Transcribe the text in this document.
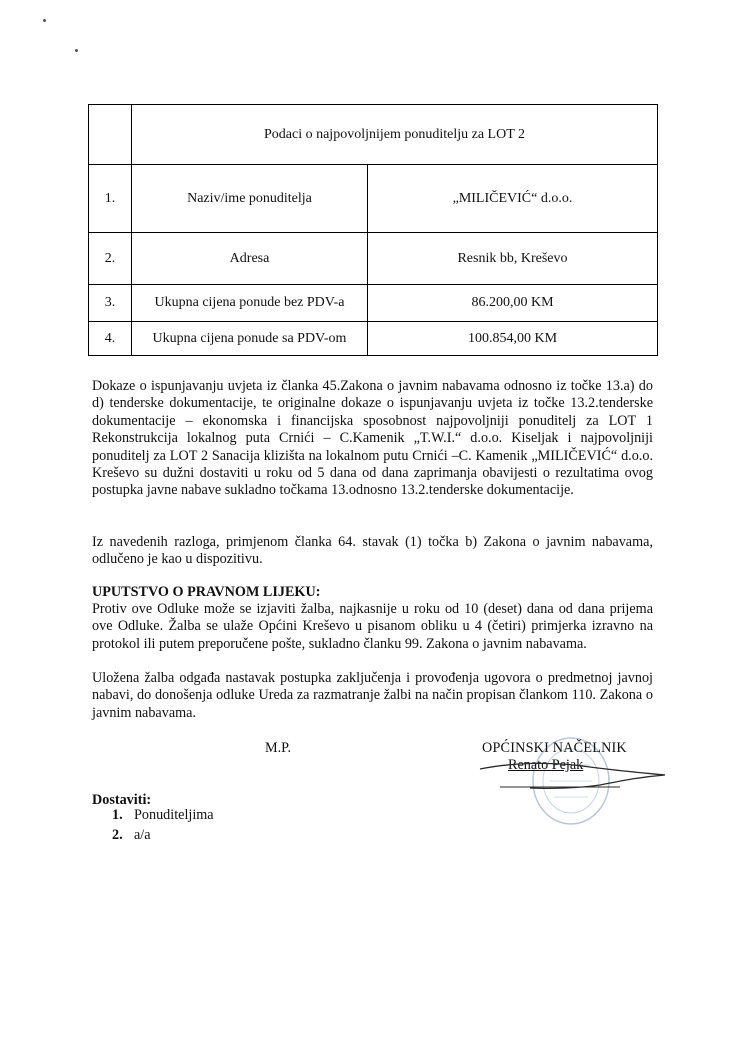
	Podaci o najpovoljnijem ponuditelju za LOT 2	
1.	Naziv/ime ponuditelja	„MILIČEVIĆ“ d.o.o.
2.	Adresa	Resnik bb, Kreševo
3.	Ukupna cijena ponude bez PDV-a	86.200,00 KM
4.	Ukupna cijena ponude sa PDV-om	100.854,00 KM

Dokaze o ispunjavanju uvjeta iz članka 45.Zakona o javnim nabavama odnosno iz točke 13.a) do d) tenderske dokumentacije, te originalne dokaze o ispunjavanju uvjeta iz točke 13.2.tenderske dokumentacije – ekonomska i financijska sposobnost najpovoljniji ponuditelj za LOT 1 Rekonstrukcija lokalnog puta Crnići – C.Kamenik „T.W.I.“ d.o.o. Kiseljak i najpovoljniji ponuditelj za LOT 2 Sanacija klizišta na lokalnom putu Crnići –C. Kamenik „MILIČEVIĆ“ d.o.o. Kreševo su dužni dostaviti u roku od 5 dana od dana zaprimanja obavijesti o rezultatima ovog postupka javne nabave sukladno točkama 13.odnosno 13.2.tenderske dokumentacije.

Iz navedenih razloga, primjenom članka 64. stavak (1) točka b) Zakona o javnim nabavama, odlučeno je kao u dispozitivu.

UPUTSTVO O PRAVNOM LIJEKU:

Protiv ove Odluke može se izjaviti žalba, najkasnije u roku od 10 (deset) dana od dana prijema ove Odluke. Žalba se ulaže Općini Kreševo u pisanom obliku u 4 (četiri) primjerka izravno na protokol ili putem preporučene pošte, sukladno članku 99. Zakona o javnim nabavama.

Uložena žalba odgađa nastavak postupka zaključenja i provođenja ugovora o predmetnoj javnoj nabavi, do donošenja odluke Ureda za razmatranje žalbi na način propisan člankom 110. Zakona o javnim nabavama.

M.P.	OPĆINSKI NAČELNIK
Renato Pejak
Dostaviti:
1. Ponuditeljima
2. a/a
